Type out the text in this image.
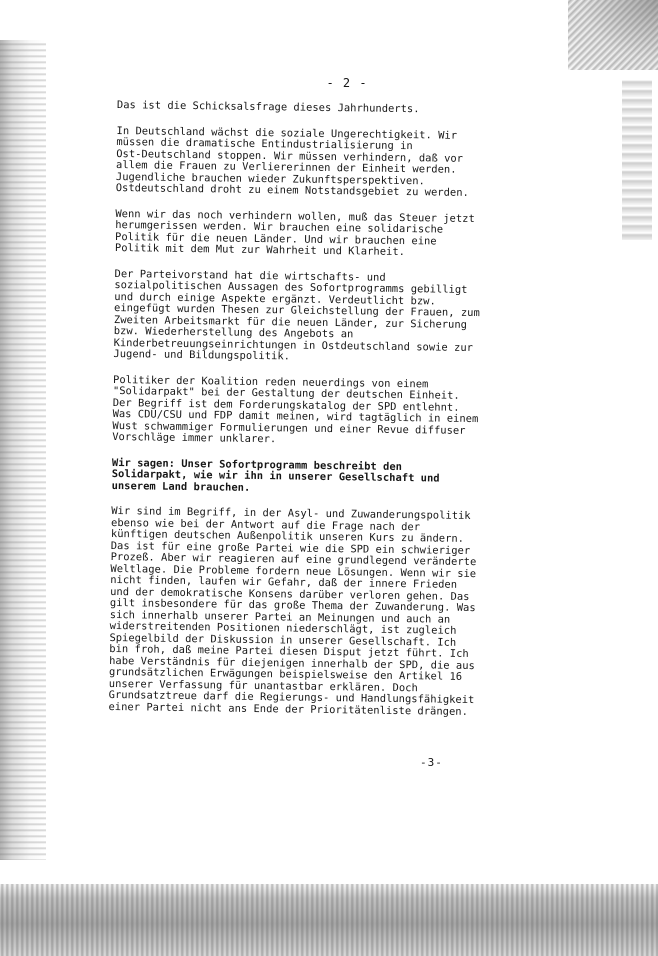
- 2 -

Das ist die Schicksalsfrage dieses Jahrhunderts.

In Deutschland wächst die soziale Ungerechtigkeit. Wir
müssen die dramatische Entindustrialisierung in
Ost-Deutschland stoppen. Wir müssen verhindern, daß vor
allem die Frauen zu Verliererinnen der Einheit werden.
Jugendliche brauchen wieder Zukunftsperspektiven.
Ostdeutschland droht zu einem Notstandsgebiet zu werden.

Wenn wir das noch verhindern wollen, muß das Steuer jetzt
herumgerissen werden. Wir brauchen eine solidarische
Politik für die neuen Länder. Und wir brauchen eine
Politik mit dem Mut zur Wahrheit und Klarheit.

Der Parteivorstand hat die wirtschafts- und
sozialpolitischen Aussagen des Sofortprogramms gebilligt
und durch einige Aspekte ergänzt. Verdeutlicht bzw.
eingefügt wurden Thesen zur Gleichstellung der Frauen, zum
Zweiten Arbeitsmarkt für die neuen Länder, zur Sicherung
bzw. Wiederherstellung des Angebots an
Kinderbetreuungseinrichtungen in Ostdeutschland sowie zur
Jugend- und Bildungspolitik.

Politiker der Koalition reden neuerdings von einem
"Solidarpakt" bei der Gestaltung der deutschen Einheit.
Der Begriff ist dem Forderungskatalog der SPD entlehnt.
Was CDU/CSU und FDP damit meinen, wird tagtäglich in einem
Wust schwammiger Formulierungen und einer Revue diffuser
Vorschläge immer unklarer.

Wir sagen: Unser Sofortprogramm beschreibt den
Solidarpakt, wie wir ihn in unserer Gesellschaft und
unserem Land brauchen.

Wir sind im Begriff, in der Asyl- und Zuwanderungspolitik
ebenso wie bei der Antwort auf die Frage nach der
künftigen deutschen Außenpolitik unseren Kurs zu ändern.
Das ist für eine große Partei wie die SPD ein schwieriger
Prozeß. Aber wir reagieren auf eine grundlegend veränderte
Weltlage. Die Probleme fordern neue Lösungen. Wenn wir sie
nicht finden, laufen wir Gefahr, daß der innere Frieden
und der demokratische Konsens darüber verloren gehen. Das
gilt insbesondere für das große Thema der Zuwanderung. Was
sich innerhalb unserer Partei an Meinungen und auch an
widerstreitenden Positionen niederschlägt, ist zugleich
Spiegelbild der Diskussion in unserer Gesellschaft. Ich
bin froh, daß meine Partei diesen Disput jetzt führt. Ich
habe Verständnis für diejenigen innerhalb der SPD, die aus
grundsätzlichen Erwägungen beispielsweise den Artikel 16
unserer Verfassung für unantastbar erklären. Doch
Grundsatztreue darf die Regierungs- und Handlungsfähigkeit
einer Partei nicht ans Ende der Prioritätenliste drängen.

-3-
